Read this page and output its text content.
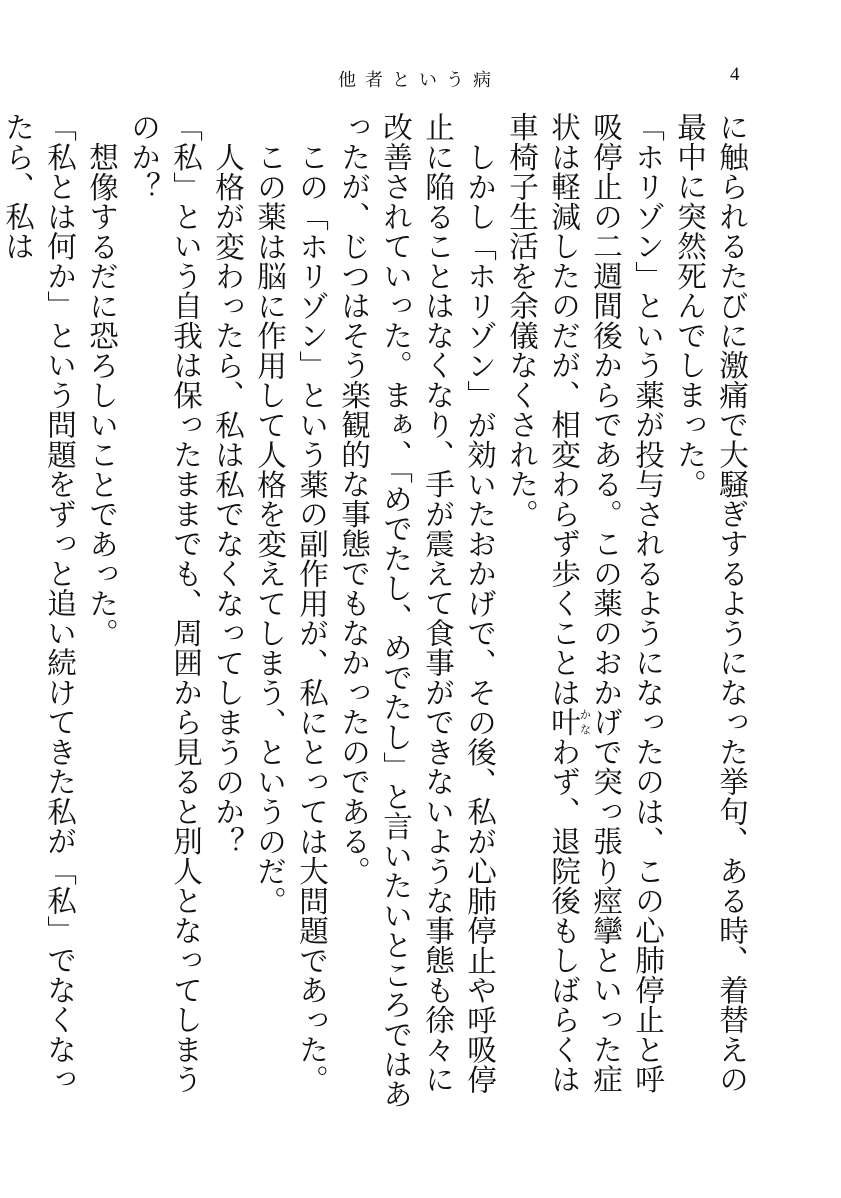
他者という病	4

に触られるたびに激痛で大騒ぎするようになった挙句、ある時、着替えの最中に突然死んでしまった。

「ホリゾン」という薬が投与されるようになったのは、この心肺停止と呼吸停止の二週間後からである。この薬のおかげで突っ張り痙攣といった症状は軽減したのだが、相変わらず歩くことは叶かなわず、退院後もしばらくは車椅子生活を余儀なくされた。

しかし「ホリゾン」が効いたおかげで、その後、私が心肺停止や呼吸停止に陥ることはなくなり、手が震えて食事ができないような事態も徐々に改善されていった。まぁ、「めでたし、めでたし」と言いたいところではあったが、じつはそう楽観的な事態でもなかったのである。

この「ホリゾン」という薬の副作用が、私にとっては大問題であった。

この薬は脳に作用して人格を変えてしまう、というのだ。

人格が変わったら、私は私でなくなってしまうのか？

「私」という自我は保ったままでも、周囲から見ると別人となってしまうのか？

想像するだに恐ろしいことであった。

「私とは何か」という問題をずっと追い続けてきた私が「私」でなくなったら、私は
